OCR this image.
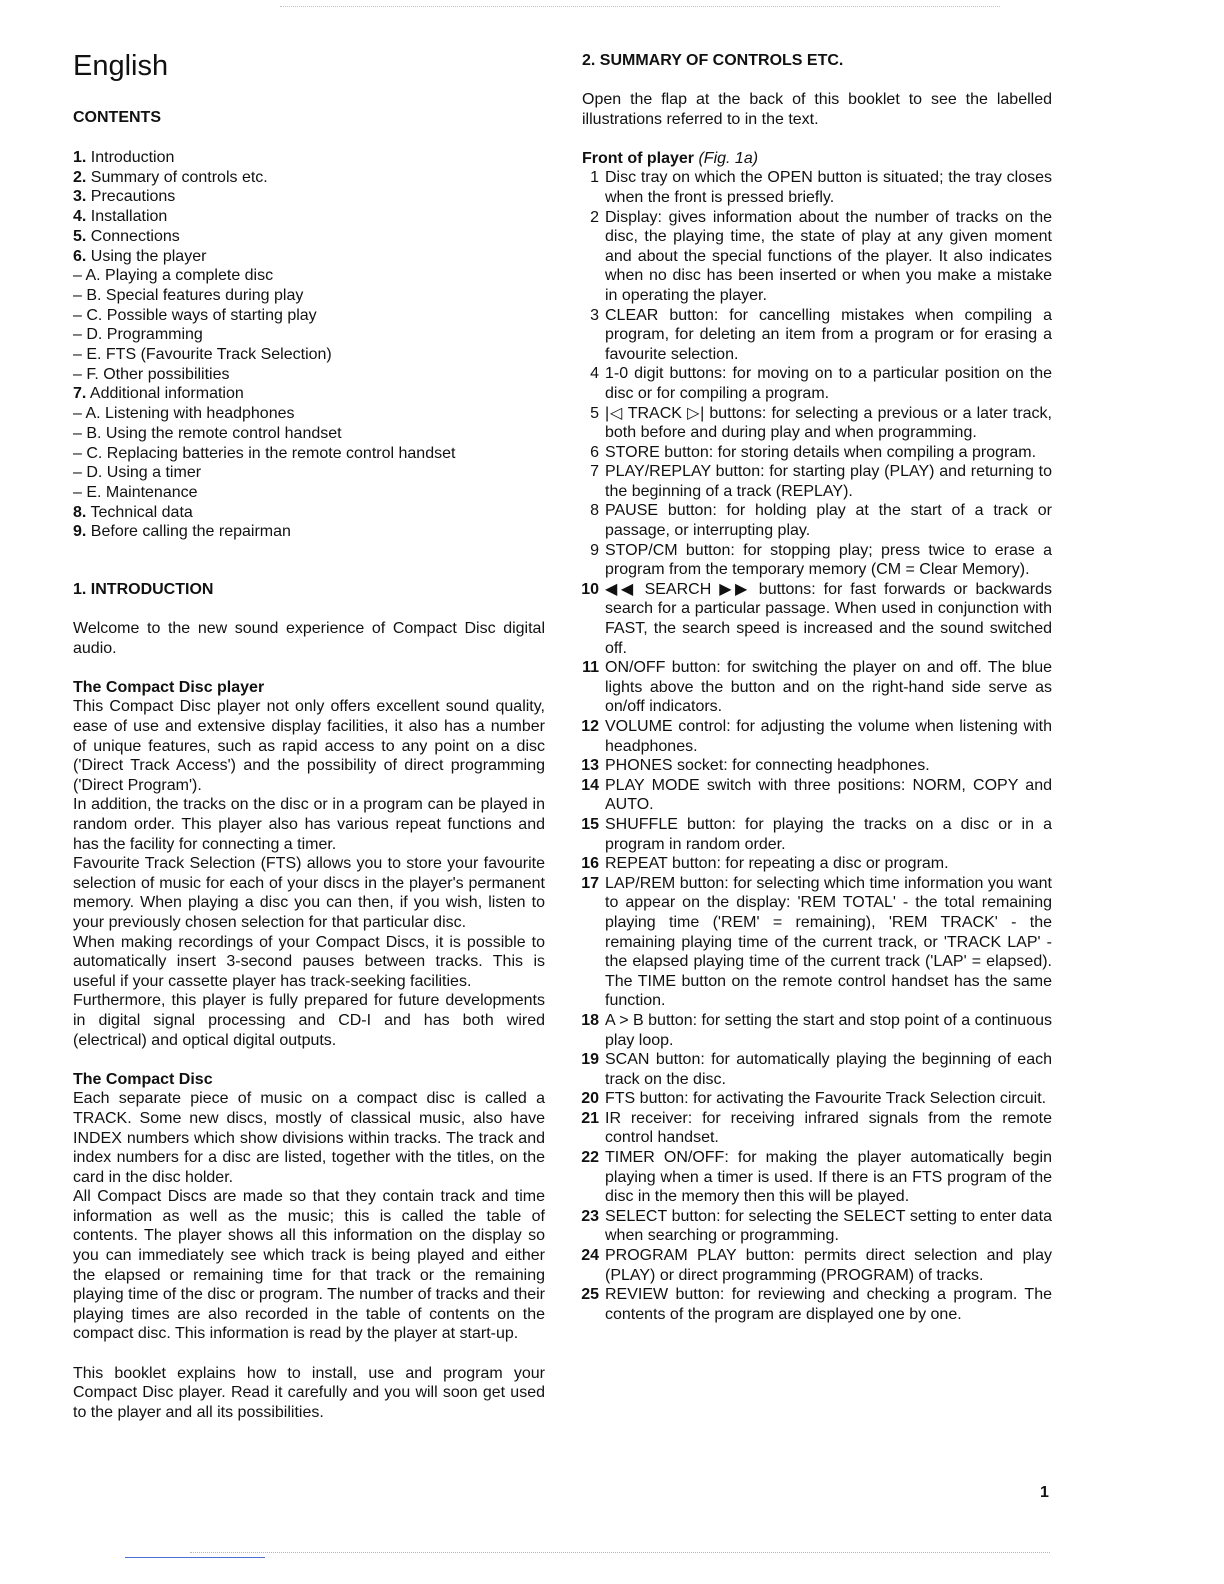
English
CONTENTS
1. Introduction
2. Summary of controls etc.
3. Precautions
4. Installation
5. Connections
6. Using the player
– A. Playing a complete disc
– B. Special features during play
– C. Possible ways of starting play
– D. Programming
– E. FTS (Favourite Track Selection)
– F. Other possibilities
7. Additional information
– A. Listening with headphones
– B. Using the remote control handset
– C. Replacing batteries in the remote control handset
– D. Using a timer
– E. Maintenance
8. Technical data
9. Before calling the repairman
1. INTRODUCTION

Welcome to the new sound experience of Compact Disc digital audio.

The Compact Disc player

This Compact Disc player not only offers excellent sound quality, ease of use and extensive display facilities, it also has a number of unique features, such as rapid access to any point on a disc ('Direct Track Access') and the possibility of direct programming ('Direct Program').

In addition, the tracks on the disc or in a program can be played in random order. This player also has various repeat functions and has the facility for connecting a timer.

Favourite Track Selection (FTS) allows you to store your favourite selection of music for each of your discs in the player's permanent memory. When playing a disc you can then, if you wish, listen to your previously chosen selection for that particular disc.

When making recordings of your Compact Discs, it is possible to automatically insert 3-second pauses between tracks. This is useful if your cassette player has track-seeking facilities.

Furthermore, this player is fully prepared for future developments in digital signal processing and CD-I and has both wired (electrical) and optical digital outputs.

The Compact Disc

Each separate piece of music on a compact disc is called a TRACK. Some new discs, mostly of classical music, also have INDEX numbers which show divisions within tracks. The track and index numbers for a disc are listed, together with the titles, on the card in the disc holder.

All Compact Discs are made so that they contain track and time information as well as the music; this is called the table of contents. The player shows all this information on the display so you can immediately see which track is being played and either the elapsed or remaining time for that track or the remaining playing time of the disc or program. The number of tracks and their playing times are also recorded in the table of contents on the compact disc. This information is read by the player at start-up.

This booklet explains how to install, use and program your Compact Disc player. Read it carefully and you will soon get used to the player and all its possibilities.

2. SUMMARY OF CONTROLS ETC.

Open the flap at the back of this booklet to see the labelled illustrations referred to in the text.

Front of player (Fig. 1a)
1 Disc tray on which the OPEN button is situated; the tray closes when the front is pressed briefly.
2 Display: gives information about the number of tracks on the disc, the playing time, the state of play at any given moment and about the special functions of the player. It also indicates when no disc has been inserted or when you make a mistake in operating the player.
3 CLEAR button: for cancelling mistakes when compiling a program, for deleting an item from a program or for erasing a favourite selection.
4 1-0 digit buttons: for moving on to a particular position on the disc or for compiling a program.
5 |◁ TRACK ▷| buttons: for selecting a previous or a later track, both before and during play and when programming.
6 STORE button: for storing details when compiling a program.
7 PLAY/REPLAY button: for starting play (PLAY) and returning to the beginning of a track (REPLAY).
8 PAUSE button: for holding play at the start of a track or passage, or interrupting play.
9 STOP/CM button: for stopping play; press twice to erase a program from the temporary memory (CM = Clear Memory).
10 ◀◀ SEARCH ▶▶ buttons: for fast forwards or backwards search for a particular passage. When used in conjunction with FAST, the search speed is increased and the sound switched off.
11 ON/OFF button: for switching the player on and off. The blue lights above the button and on the right-hand side serve as on/off indicators.
12 VOLUME control: for adjusting the volume when listening with headphones.
13 PHONES socket: for connecting headphones.
14 PLAY MODE switch with three positions: NORM, COPY and AUTO.
15 SHUFFLE button: for playing the tracks on a disc or in a program in random order.
16 REPEAT button: for repeating a disc or program.
17 LAP/REM button: for selecting which time information you want to appear on the display: 'REM TOTAL' - the total remaining playing time ('REM' = remaining), 'REM TRACK' - the remaining playing time of the current track, or 'TRACK LAP' - the elapsed playing time of the current track ('LAP' = elapsed). The TIME button on the remote control handset has the same function.
18 A > B button: for setting the start and stop point of a continuous play loop.
19 SCAN button: for automatically playing the beginning of each track on the disc.
20 FTS button: for activating the Favourite Track Selection circuit.
21 IR receiver: for receiving infrared signals from the remote control handset.
22 TIMER ON/OFF: for making the player automatically begin playing when a timer is used. If there is an FTS program of the disc in the memory then this will be played.
23 SELECT button: for selecting the SELECT setting to enter data when searching or programming.
24 PROGRAM PLAY button: permits direct selection and play (PLAY) or direct programming (PROGRAM) of tracks.
25 REVIEW button: for reviewing and checking a program. The contents of the program are displayed one by one.
1
